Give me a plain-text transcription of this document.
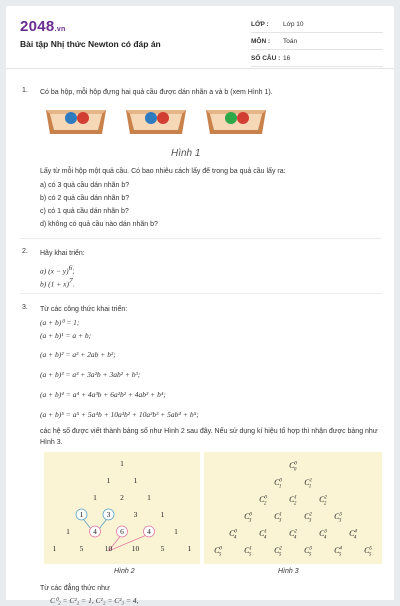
2048.vn
Bài tập Nhị thức Newton có đáp án
LỚP :	Lớp 10
MÔN :	Toán
SỐ CÂU : 16
1. Có ba hộp, mỗi hộp đựng hai quả cầu được dán nhãn a và b (xem Hình 1).
Hình 1
Lấy từ mỗi hộp một quả cầu. Có bao nhiêu cách lấy để trong ba quả cầu lấy ra:
a) có 3 quả cầu dán nhãn b?
b) có 2 quả cầu dán nhãn b?
c) có 1 quả cầu dán nhãn b?
d) không có quả cầu nào dán nhãn b?
2. Hãy khai triển:
a) $(x - y)^6$;
b) $(1 + x)^7$.
3. Từ các công thức khai triển:
(a + b)⁰ = 1;
(a + b)¹ = a + b;
(a + b)² = a² + 2ab + b²;
(a + b)³ = a³ + 3a²b + 3ab² + b³;
(a + b)⁴ = a⁴ + 4a³b + 6a²b² + 4ab³ + b⁴;
(a + b)⁵ = a⁵ + 5a⁴b + 10a³b² + 10a²b³ + 5ab⁴ + b⁵;
các hệ số được viết thành bảng số như Hình 2 sau đây. Nếu sử dụng kí hiệu tổ hợp thì nhận được bảng như Hình 3.
1
1	1
1	2	1
1	3	3	1
1	4	6	4	1
1	5	10	10	5	1
Hình 2
$C^0$ 0
$C^0$ 1	$C^1$ 1
$C^0$ 2	$C^1$ 2	$C^2$ 2
$C^0$ 3	$C^1$ 3	$C^2$ 3	$C^3$ 3
$C^0$ 4	$C^1$ 4	$C^2$ 4	$C^3$ 4	$C^4$ 4
$C^0$ 5	$C^1$ 5	$C^2$ 5	$C^3$ 5	$C^4$ 5	$C^5$ 5
Hình 3
Từ các đẳng thức như
C⁰₂ = C²₂ = 1, C¹₂ = C²₃ = 4,
